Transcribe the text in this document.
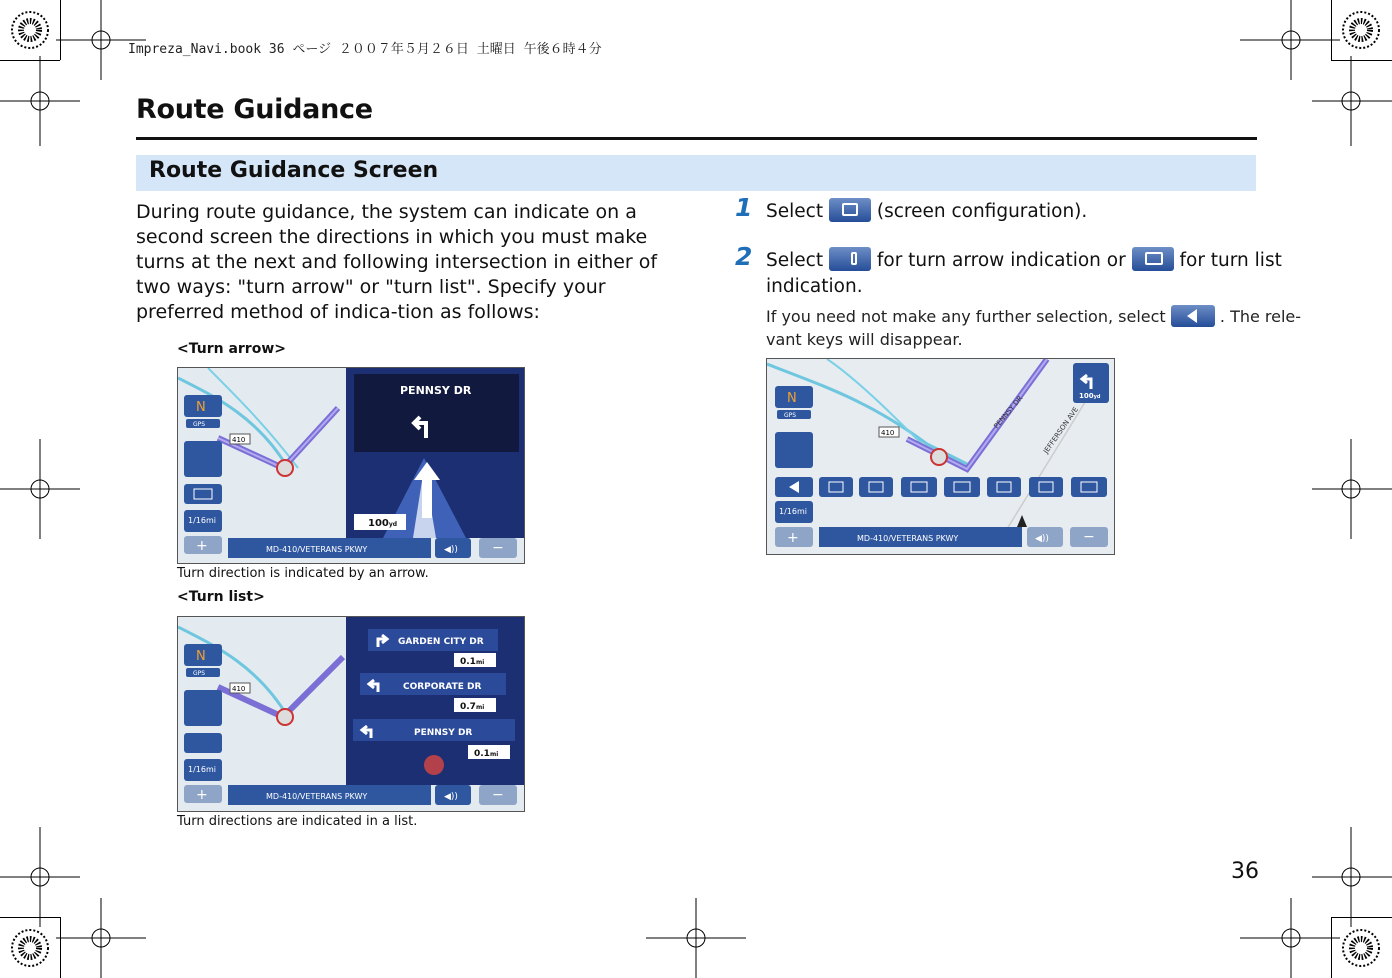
Impreza_Navi.book 36 ページ ２００７年５月２６日 土曜日 午後６時４分
Route Guidance
Route Guidance Screen
During route guidance, the system can indicate on a second screen the directions in which you must make turns at the next and following intersection in either of two ways: "turn arrow" or "turn list". Specify your preferred method of indica-tion as follows:
<Turn arrow>
410
N
GPS
1/16mi
+
PENNSY DR
100yd
MD-410/VETERANS PKWY	◀)) −
Turn direction is indicated by an arrow.
<Turn list>
410
N
GPS
1/16mi
+
GARDEN CITY DR
0.1mi
CORPORATE DR
0.7mi
PENNSY DR
0.1mi
MD-410/VETERANS PKWY	◀)) −
Turn directions are indicated in a list.
1 Select	(screen configuration).
2 Select	for turn arrow indication or	for turn list
indication.
If you need not make any further selection, select	. The rele-
vant keys will disappear.
PENNSY DR	JEFFERSON AVE
410
N
GPS
100yd
1/16mi
+	MD-410/VETERANS PKWY	◀)) −
36
